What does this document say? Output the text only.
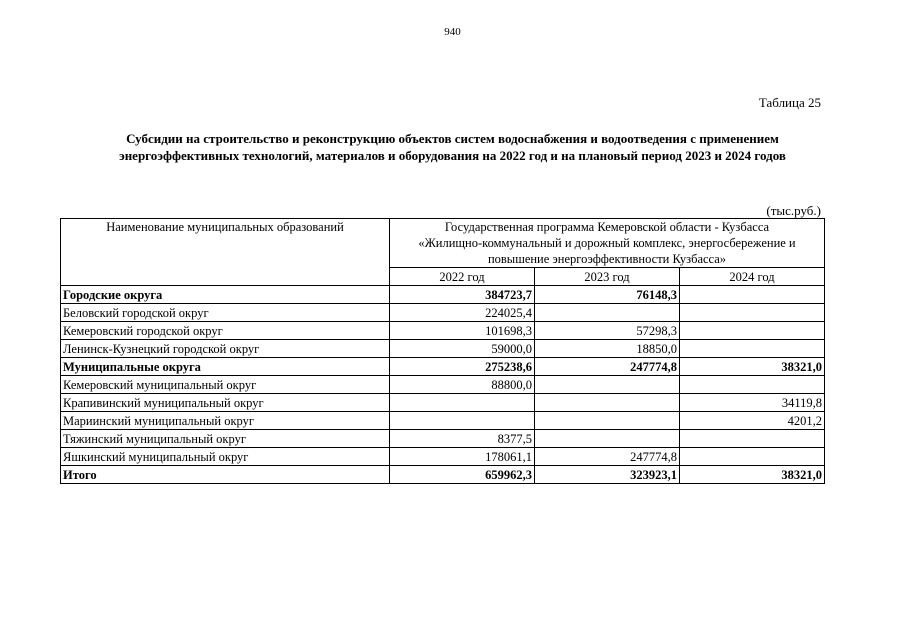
940
Таблица 25
Субсидии на строительство и реконструкцию объектов систем водоснабжения и водоотведения с применением
энергоэффективных технологий, материалов и оборудования на 2022 год и на плановый период 2023 и 2024 годов
(тыс.руб.)
Наименование муниципальных образований	Государственная программа Кемеровской области - Кузбасса
«Жилищно-коммунальный и дорожный комплекс, энергосбережение и
повышение энергоэффективности Кузбасса»		

	2022 год	2023 год	2024 год
Городские округа	384723,7	76148,3	
Беловский городской округ	224025,4		
Кемеровский городской округ	101698,3	57298,3	
Ленинск-Кузнецкий городской округ	59000,0	18850,0	
Муниципальные округа	275238,6	247774,8	38321,0
Кемеровский муниципальный округ	88800,0		
Крапивинский муниципальный округ			34119,8
Мариинский муниципальный округ			4201,2
Тяжинский муниципальный округ	8377,5		
Яшкинский муниципальный округ	178061,1	247774,8	
Итого	659962,3	323923,1	38321,0
